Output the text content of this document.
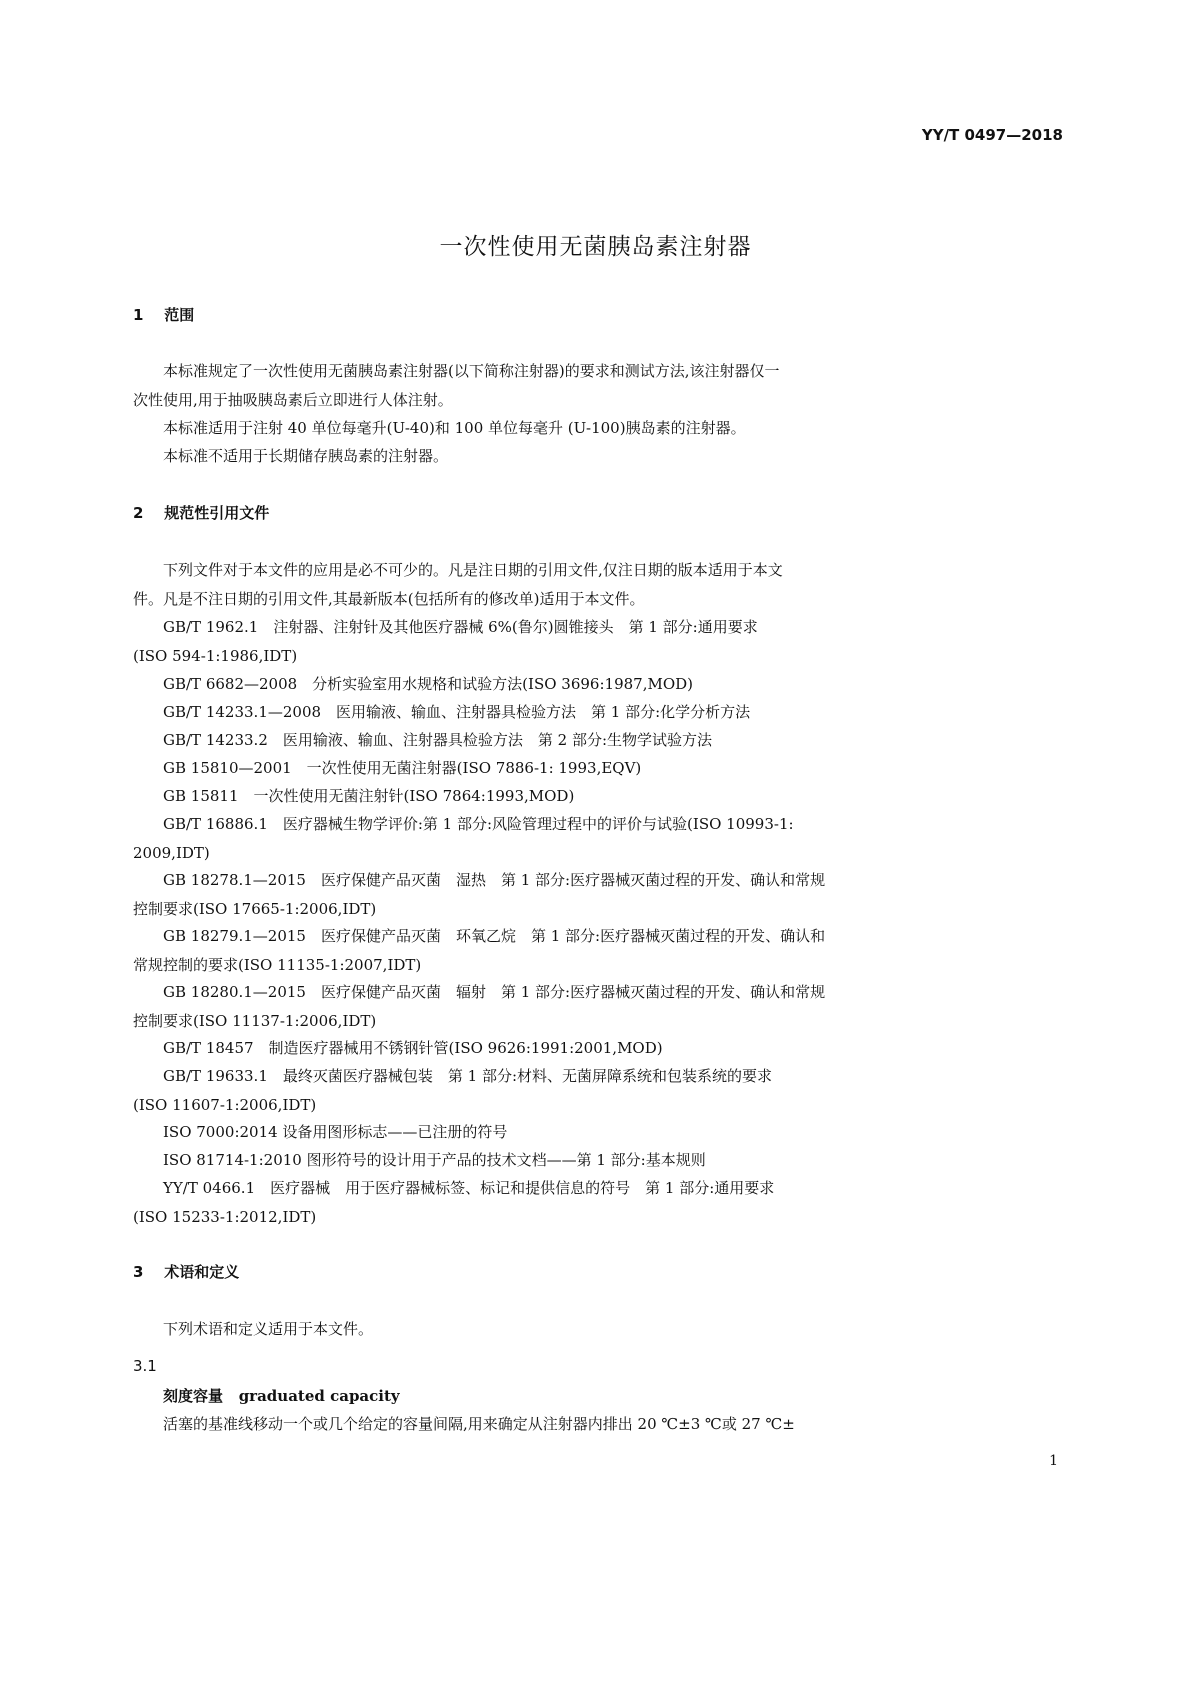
YY/T 0497—2018
一次性使用无菌胰岛素注射器
1 范围
本标准规定了一次性使用无菌胰岛素注射器(以下简称注射器)的要求和测试方法,该注射器仅一
次性使用,用于抽吸胰岛素后立即进行人体注射。
本标准适用于注射 40 单位每毫升(U-40)和 100 单位每毫升 (U-100)胰岛素的注射器。
本标准不适用于长期储存胰岛素的注射器。
2 规范性引用文件
下列文件对于本文件的应用是必不可少的。凡是注日期的引用文件,仅注日期的版本适用于本文
件。凡是不注日期的引用文件,其最新版本(包括所有的修改单)适用于本文件。
GB/T 1962.1　注射器、注射针及其他医疗器械 6%(鲁尔)圆锥接头　第 1 部分:通用要求
(ISO 594-1:1986,IDT)
GB/T 6682—2008　分析实验室用水规格和试验方法(ISO 3696:1987,MOD)
GB/T 14233.1—2008　医用输液、输血、注射器具检验方法　第 1 部分:化学分析方法
GB/T 14233.2　医用输液、输血、注射器具检验方法　第 2 部分:生物学试验方法
GB 15810—2001　一次性使用无菌注射器(ISO 7886-1: 1993,EQV)
GB 15811　一次性使用无菌注射针(ISO 7864:1993,MOD)
GB/T 16886.1　医疗器械生物学评价:第 1 部分:风险管理过程中的评价与试验(ISO 10993-1:
2009,IDT)
GB 18278.1—2015　医疗保健产品灭菌　湿热　第 1 部分:医疗器械灭菌过程的开发、确认和常规
控制要求(ISO 17665-1:2006,IDT)
GB 18279.1—2015　医疗保健产品灭菌　环氧乙烷　第 1 部分:医疗器械灭菌过程的开发、确认和
常规控制的要求(ISO 11135-1:2007,IDT)
GB 18280.1—2015　医疗保健产品灭菌　辐射　第 1 部分:医疗器械灭菌过程的开发、确认和常规
控制要求(ISO 11137-1:2006,IDT)
GB/T 18457　制造医疗器械用不锈钢针管(ISO 9626:1991:2001,MOD)
GB/T 19633.1　最终灭菌医疗器械包装　第 1 部分:材料、无菌屏障系统和包装系统的要求
(ISO 11607-1:2006,IDT)
ISO 7000:2014 设备用图形标志——已注册的符号
ISO 81714-1:2010 图形符号的设计用于产品的技术文档——第 1 部分:基本规则
YY/T 0466.1　医疗器械　用于医疗器械标签、标记和提供信息的符号　第 1 部分:通用要求
(ISO 15233-1:2012,IDT)
3 术语和定义
下列术语和定义适用于本文件。
3.1
刻度容量 graduated capacity
活塞的基准线移动一个或几个给定的容量间隔,用来确定从注射器内排出 20 ℃±3 ℃或 27 ℃±
1
